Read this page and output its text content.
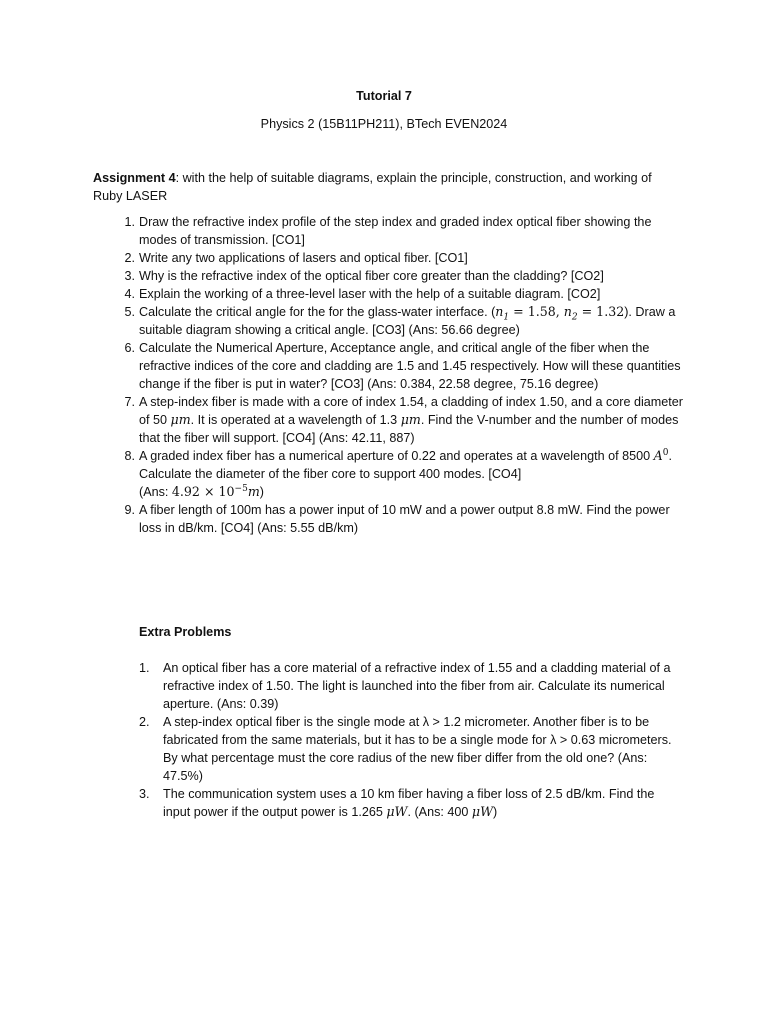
Tutorial 7
Physics 2 (15B11PH211), BTech EVEN2024
Assignment 4: with the help of suitable diagrams, explain the principle, construction, and working of Ruby LASER
1. Draw the refractive index profile of the step index and graded index optical fiber showing the modes of transmission. [CO1]
2. Write any two applications of lasers and optical fiber. [CO1]
3. Why is the refractive index of the optical fiber core greater than the cladding? [CO2]
4. Explain the working of a three-level laser with the help of a suitable diagram. [CO2]
5. Calculate the critical angle for the for the glass-water interface. ($n_1 = 1.58$, $n_2 = 1.32$). Draw a suitable diagram showing a critical angle. [CO3] (Ans: 56.66 degree)
6. Calculate the Numerical Aperture, Acceptance angle, and critical angle of the fiber when the refractive indices of the core and cladding are 1.5 and 1.45 respectively. How will these quantities change if the fiber is put in water? [CO3] (Ans: 0.384, 22.58 degree, 75.16 degree)
7. A step-index fiber is made with a core of index 1.54, a cladding of index 1.50, and a core diameter of 50 μm. It is operated at a wavelength of 1.3 μm. Find the V-number and the number of modes that the fiber will support. [CO4] (Ans: 42.11, 887)
8. A graded index fiber has a numerical aperture of 0.22 and operates at a wavelength of 8500 $A^0$. Calculate the diameter of the fiber core to support 400 modes. [CO4]
(Ans: $4.92 \times 10^{-5}m$)
9. A fiber length of 100m has a power input of 10 mW and a power output 8.8 mW. Find the power loss in dB/km. [CO4] (Ans: 5.55 dB/km)
Extra Problems
1. An optical fiber has a core material of a refractive index of 1.55 and a cladding material of a refractive index of 1.50. The light is launched into the fiber from air. Calculate its numerical aperture. (Ans: 0.39)
2. A step-index optical fiber is the single mode at λ > 1.2 micrometer. Another fiber is to be fabricated from the same materials, but it has to be a single mode for λ > 0.63 micrometers. By what percentage must the core radius of the new fiber differ from the old one? (Ans: 47.5%)
3. The communication system uses a 10 km fiber having a fiber loss of 2.5 dB/km. Find the input power if the output power is 1.265 μW. (Ans: 400 μW)
